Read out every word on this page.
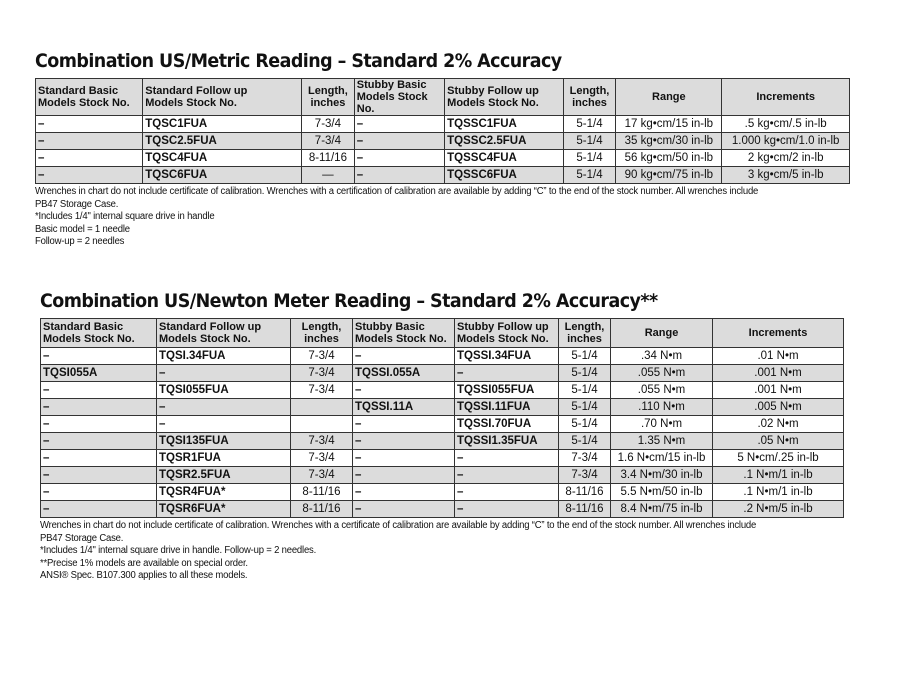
Combination US/Metric Reading – Standard 2% Accuracy
Standard Basic
Models Stock No.	Standard Follow up
Models Stock No.	Length,
inches	Stubby Basic
Models Stock No.	Stubby Follow up
Models Stock No.	Length,
inches	Range	Increments
–	TQSC1FUA	7-3/4	–	TQSSC1FUA	5-1/4	17 kg•cm/15 in-lb	.5 kg•cm/.5 in-lb
–	TQSC2.5FUA	7-3/4	–	TQSSC2.5FUA	5-1/4	35 kg•cm/30 in-lb	1.000 kg•cm/1.0 in-lb
–	TQSC4FUA	8-11/16	–	TQSSC4FUA	5-1/4	56 kg•cm/50 in-lb	2 kg•cm/2 in-lb
–	TQSC6FUA	—	–	TQSSC6FUA	5-1/4	90 kg•cm/75 in-lb	3 kg•cm/5 in-lb
Wrenches in chart do not include certificate of calibration. Wrenches with a certification of calibration are available by adding “C” to the end of the stock number. All wrenches include
PB47 Storage Case.
*Includes 1/4" internal square drive in handle
Basic model = 1 needle
Follow-up = 2 needles
Combination US/Newton Meter Reading – Standard 2% Accuracy**
Standard Basic
Models Stock No.	Standard Follow up
Models Stock No.	Length,
inches	Stubby Basic
Models Stock No.	Stubby Follow up
Models Stock No.	Length,
inches	Range	Increments
–	TQSI.34FUA	7-3/4	–	TQSSI.34FUA	5-1/4	.34 N•m	.01 N•m
TQSI055A	–	7-3/4	TQSSI.055A	–	5-1/4	.055 N•m	.001 N•m
–	TQSI055FUA	7-3/4	–	TQSSI055FUA	5-1/4	.055 N•m	.001 N•m
–	–		TQSSI.11A	TQSSI.11FUA	5-1/4	.110 N•m	.005 N•m
–	–		–	TQSSI.70FUA	5-1/4	.70 N•m	.02 N•m
–	TQSI135FUA	7-3/4	–	TQSSI1.35FUA	5-1/4	1.35 N•m	.05 N•m
–	TQSR1FUA	7-3/4	–	–	7-3/4	1.6 N•cm/15 in-lb	5 N•cm/.25 in-lb
–	TQSR2.5FUA	7-3/4	–	–	7-3/4	3.4 N•m/30 in-lb	.1 N•m/1 in-lb
–	TQSR4FUA*	8-11/16	–	–	8-11/16	5.5 N•m/50 in-lb	.1 N•m/1 in-lb
–	TQSR6FUA*	8-11/16	–	–	8-11/16	8.4 N•m/75 in-lb	.2 N•m/5 in-lb
Wrenches in chart do not include certificate of calibration. Wrenches with a certificate of calibration are available by adding “C” to the end of the stock number. All wrenches include
PB47 Storage Case.
*Includes 1/4" internal square drive in handle. Follow-up = 2 needles.
**Precise 1% models are available on special order.
ANSI® Spec. B107.300 applies to all these models.
